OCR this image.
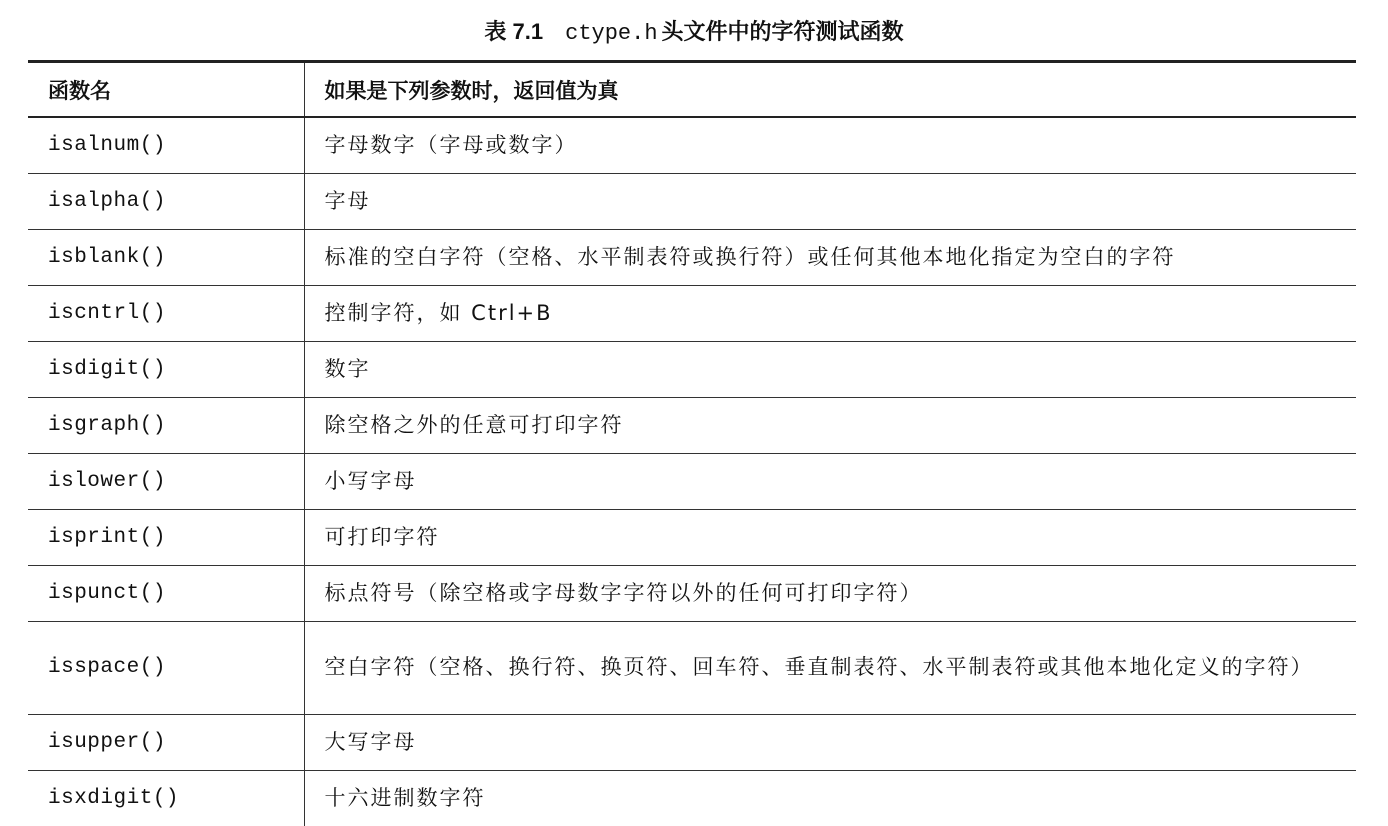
表 7.1 ctype.h 头文件中的字符测试函数
函数名	如果是下列参数时，返回值为真
isalnum()	字母数字（字母或数字）
isalpha()	字母
isblank()	标准的空白字符（空格、水平制表符或换行符）或任何其他本地化指定为空白的字符
iscntrl()	控制字符，如 Ctrl+B
isdigit()	数字
isgraph()	除空格之外的任意可打印字符
islower()	小写字母
isprint()	可打印字符
ispunct()	标点符号（除空格或字母数字字符以外的任何可打印字符）
isspace()	空白字符（空格、换行符、换页符、回车符、垂直制表符、水平制表符或其他本地化定义的字符）
isupper()	大写字母
isxdigit()	十六进制数字符
